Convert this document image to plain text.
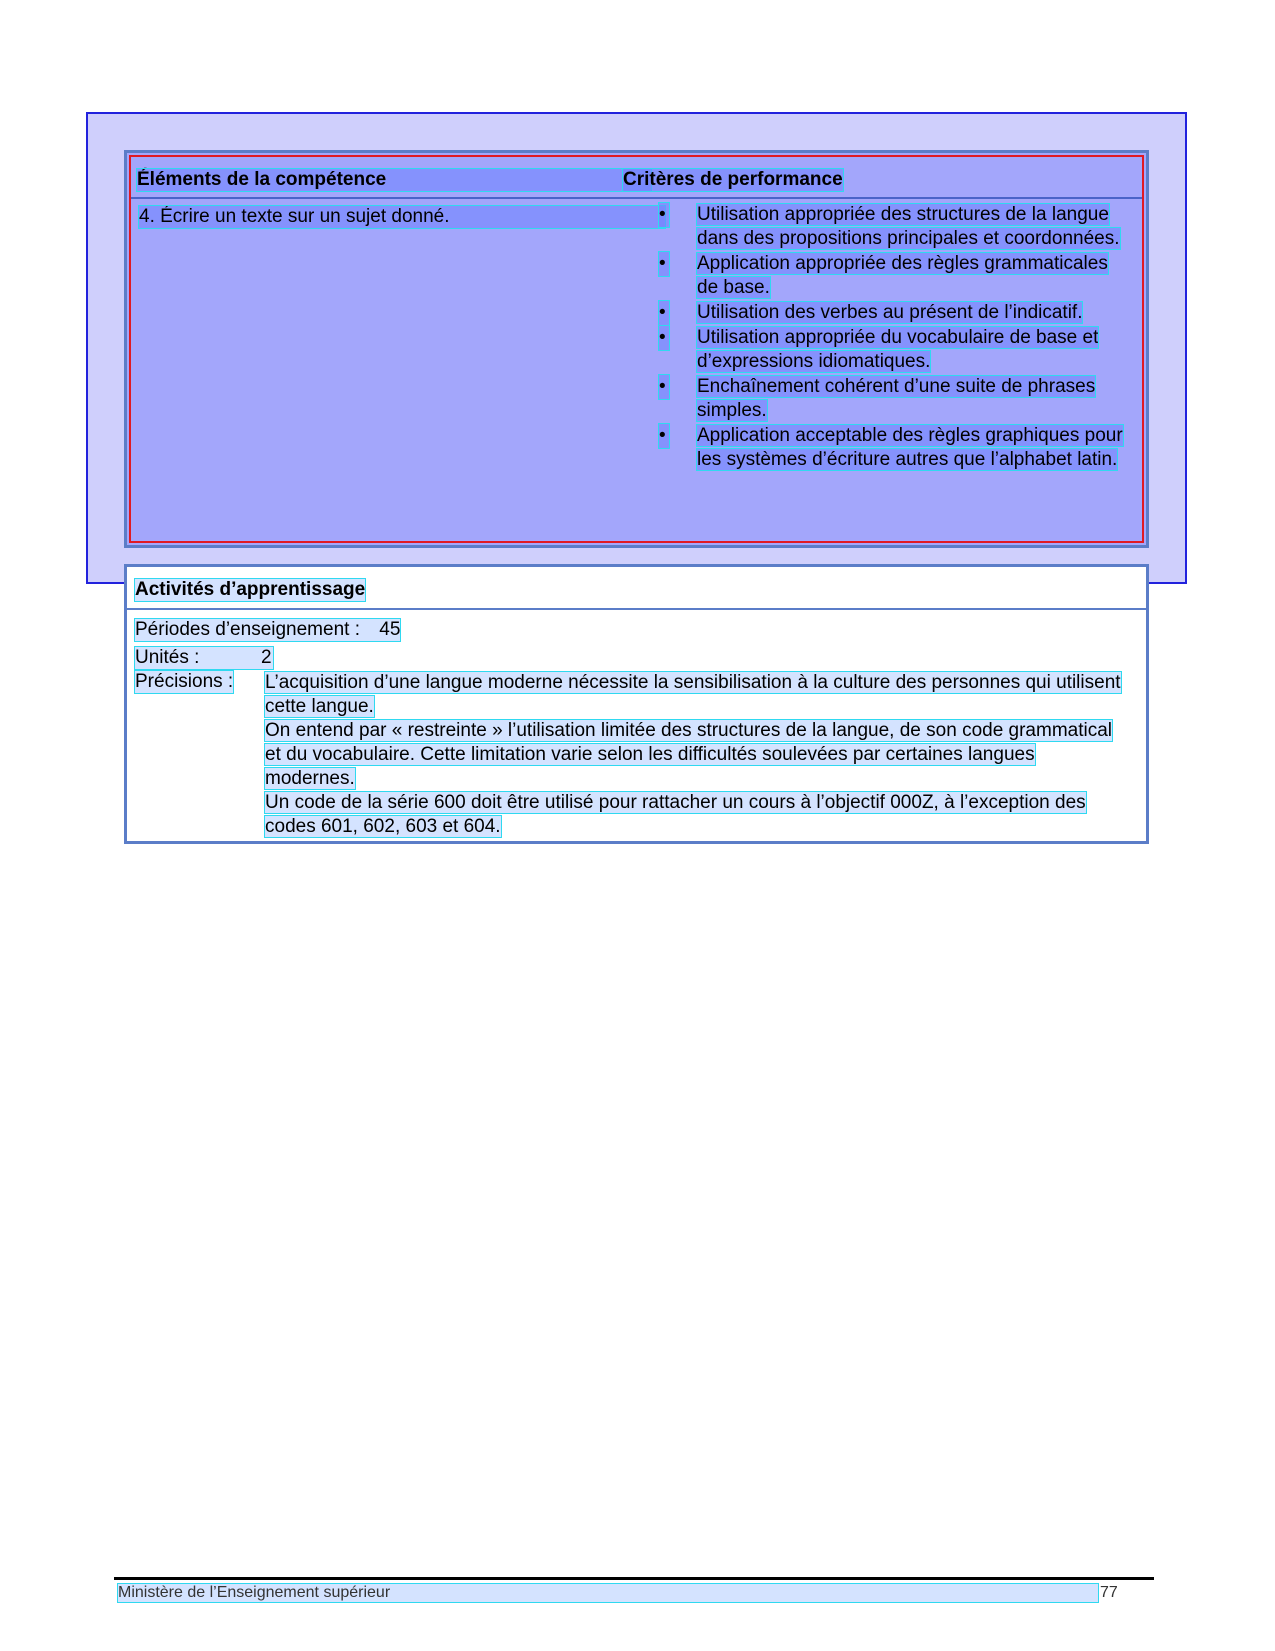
Éléments de la compétence	Critères de performance
4. Écrire un texte sur un sujet donné.	• Utilisation appropriée des structures de la langue dans des propositions principales et coordonnées.
• Application appropriée des règles grammaticales de base.
• Utilisation des verbes au présent de l’indicatif.
• Utilisation appropriée du vocabulaire de base et d’expressions idiomatiques.
• Enchaînement cohérent d’une suite de phrases simples.
• Application acceptable des règles graphiques pour les systèmes d’écriture autres que l’alphabet latin.
Activités d’apprentissage
Périodes d’enseignement : 45
Unités :	2
Précisions : L’acquisition d’une langue moderne nécessite la sensibilisation à la culture des personnes qui utilisent cette langue.

On entend par « restreinte » l’utilisation limitée des structures de la langue, de son code grammatical et du vocabulaire. Cette limitation varie selon les difficultés soulevées par certaines langues modernes.

Un code de la série 600 doit être utilisé pour rattacher un cours à l’objectif 000Z, à l’exception des codes 601, 602, 603 et 604.

Ministère de l’Enseignement supérieur	77
